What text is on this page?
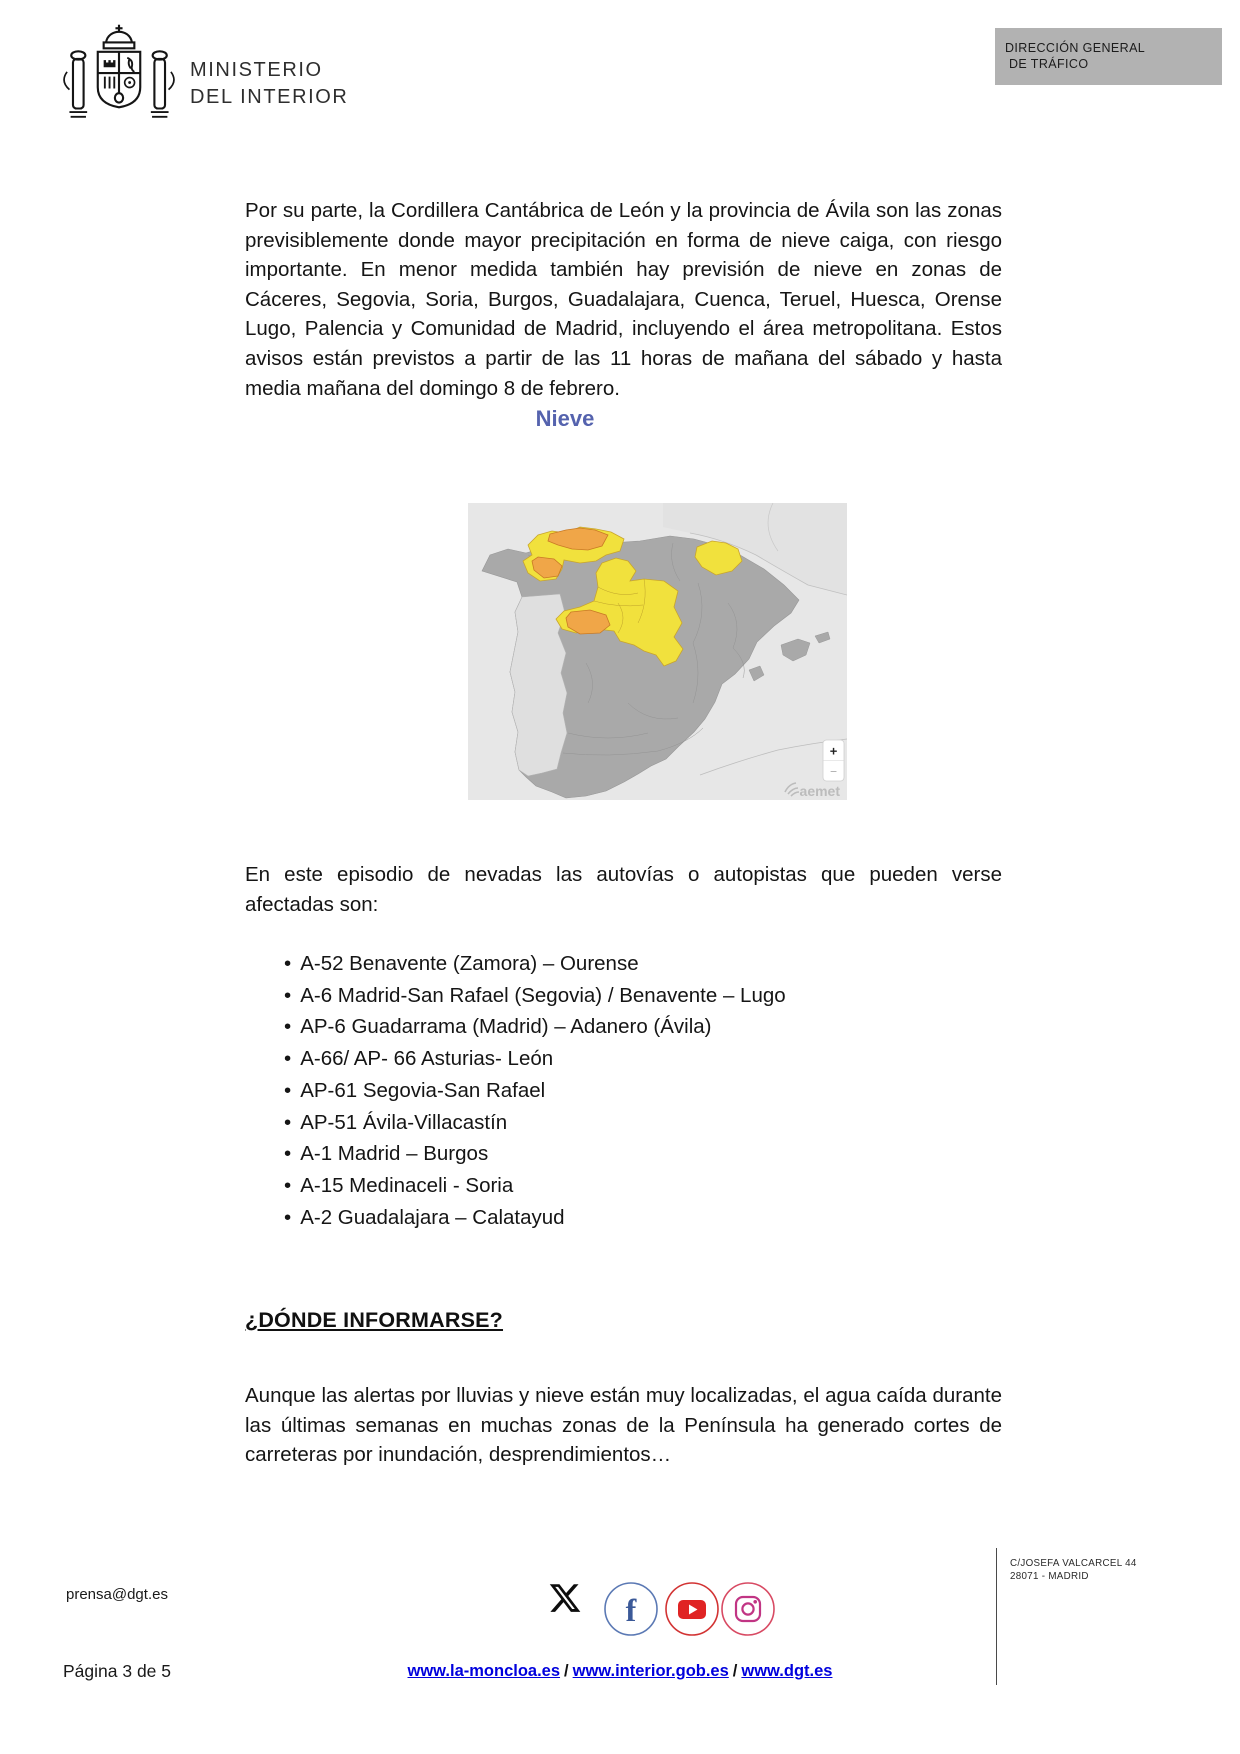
MINISTERIO
DEL INTERIOR
DIRECCIÓN GENERAL
DE TRÁFICO
Por su parte, la Cordillera Cantábrica de León y la provincia de Ávila son las zonas previsiblemente donde mayor precipitación en forma de nieve caiga, con riesgo importante. En menor medida también hay previsión de nieve en zonas de Cáceres, Segovia, Soria, Burgos, Guadalajara, Cuenca, Teruel, Huesca, Orense Lugo, Palencia y Comunidad de Madrid, incluyendo el área metropolitana. Estos avisos están previstos a partir de las 11 horas de mañana del sábado y hasta media mañana del domingo 8 de febrero.
Nieve
+
−
aemet
En este episodio de nevadas las autovías o autopistas que pueden verse afectadas son:
• A-52 Benavente (Zamora) – Ourense
• A-6 Madrid-San Rafael (Segovia) / Benavente – Lugo
• AP-6 Guadarrama (Madrid) – Adanero (Ávila)
• A-66/ AP- 66 Asturias- León
• AP-61 Segovia-San Rafael
• AP-51 Ávila-Villacastín
• A-1 Madrid – Burgos
• A-15 Medinaceli - Soria
• A-2 Guadalajara – Calatayud
¿DÓNDE INFORMARSE?
Aunque las alertas por lluvias y nieve están muy localizadas, el agua caída durante las últimas semanas en muchas zonas de la Península ha generado cortes de carreteras por inundación, desprendimientos…
prensa@dgt.es
Página 3 de 5
f
C/JOSEFA VALCARCEL 44
28071 - MADRID
www.la-moncloa.es / www.interior.gob.es / www.dgt.es
